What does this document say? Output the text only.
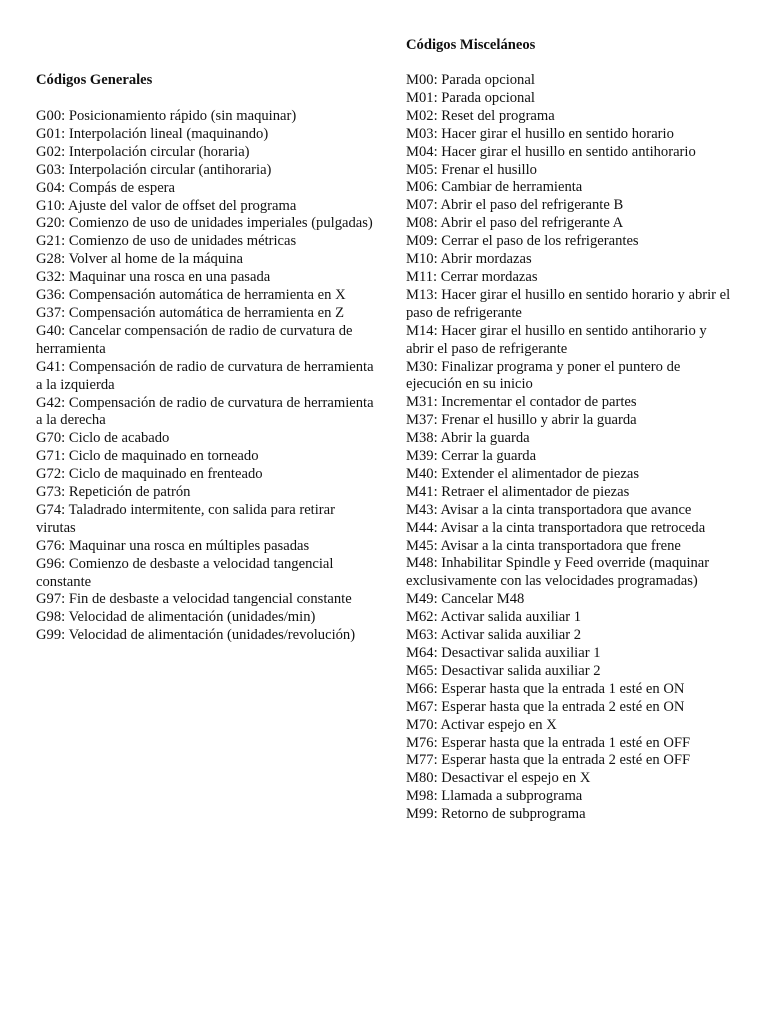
Códigos Generales
G00: Posicionamiento rápido (sin maquinar)
G01: Interpolación lineal (maquinando)
G02: Interpolación circular (horaria)
G03: Interpolación circular (antihoraria)
G04: Compás de espera
G10: Ajuste del valor de offset del programa
G20: Comienzo de uso de unidades imperiales (pulgadas)
G21: Comienzo de uso de unidades métricas
G28: Volver al home de la máquina
G32: Maquinar una rosca en una pasada
G36: Compensación automática de herramienta en X
G37: Compensación automática de herramienta en Z
G40: Cancelar compensación de radio de curvatura de herramienta
G41: Compensación de radio de curvatura de herramienta a la izquierda
G42: Compensación de radio de curvatura de herramienta a la derecha
G70: Ciclo de acabado
G71: Ciclo de maquinado en torneado
G72: Ciclo de maquinado en frenteado
G73: Repetición de patrón
G74: Taladrado intermitente, con salida para retirar virutas
G76: Maquinar una rosca en múltiples pasadas
G96: Comienzo de desbaste a velocidad tangencial constante
G97: Fin de desbaste a velocidad tangencial constante
G98: Velocidad de alimentación (unidades/min)
G99: Velocidad de alimentación (unidades/revolución)
Códigos Misceláneos
M00: Parada opcional
M01: Parada opcional
M02: Reset del programa
M03: Hacer girar el husillo en sentido horario
M04: Hacer girar el husillo en sentido antihorario
M05: Frenar el husillo
M06: Cambiar de herramienta
M07: Abrir el paso del refrigerante B
M08: Abrir el paso del refrigerante A
M09: Cerrar el paso de los refrigerantes
M10: Abrir mordazas
M11: Cerrar mordazas
M13: Hacer girar el husillo en sentido horario y abrir el paso de refrigerante
M14: Hacer girar el husillo en sentido antihorario y abrir el paso de refrigerante
M30: Finalizar programa y poner el puntero de ejecución en su inicio
M31: Incrementar el contador de partes
M37: Frenar el husillo y abrir la guarda
M38: Abrir la guarda
M39: Cerrar la guarda
M40: Extender el alimentador de piezas
M41: Retraer el alimentador de piezas
M43: Avisar a la cinta transportadora que avance
M44: Avisar a la cinta transportadora que retroceda
M45: Avisar a la cinta transportadora que frene
M48: Inhabilitar Spindle y Feed override (maquinar exclusivamente con las velocidades programadas)
M49: Cancelar M48
M62: Activar salida auxiliar 1
M63: Activar salida auxiliar 2
M64: Desactivar salida auxiliar 1
M65: Desactivar salida auxiliar 2
M66: Esperar hasta que la entrada 1 esté en ON
M67: Esperar hasta que la entrada 2 esté en ON
M70: Activar espejo en X
M76: Esperar hasta que la entrada 1 esté en OFF
M77: Esperar hasta que la entrada 2 esté en OFF
M80: Desactivar el espejo en X
M98: Llamada a subprograma
M99: Retorno de subprograma
